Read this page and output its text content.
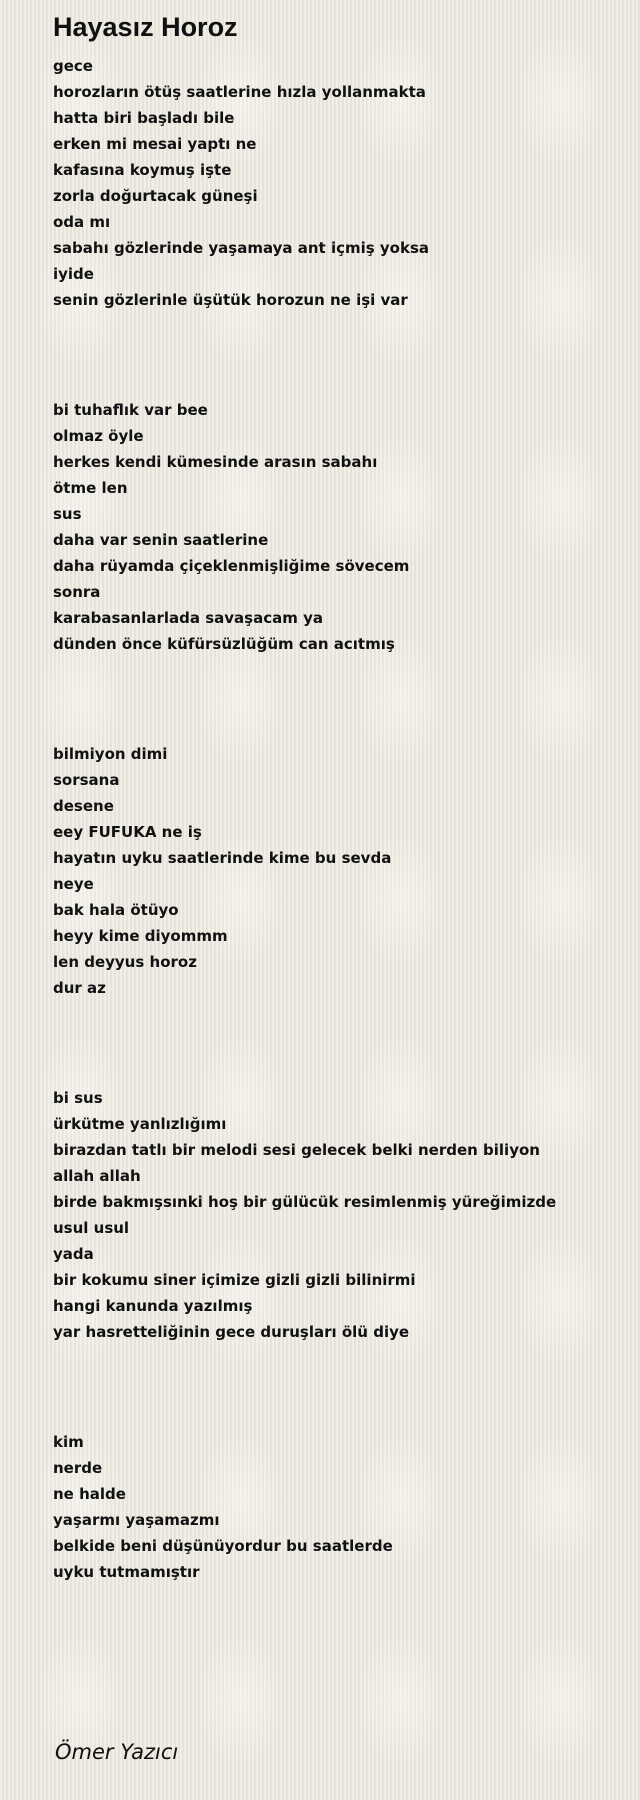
Hayasız Horoz
gece
horozların ötüş saatlerine hızla yollanmakta
hatta biri başladı bile
erken mi mesai yaptı ne
kafasına koymuş işte
zorla doğurtacak güneşi
oda mı
sabahı gözlerinde yaşamaya ant içmiş yoksa
iyide
senin gözlerinle üşütük horozun ne işi var
bi tuhaflık var bee
olmaz öyle
herkes kendi kümesinde arasın sabahı
ötme len
sus
daha var senin saatlerine
daha rüyamda çiçeklenmişliğime sövecem
sonra
karabasanlarlada savaşacam ya
dünden önce küfürsüzlüğüm can acıtmış
bilmiyon dimi
sorsana
desene
eey FUFUKA ne iş
hayatın uyku saatlerinde kime bu sevda
neye
bak hala ötüyo
heyy kime diyommm
len deyyus horoz
dur az
bi sus
ürkütme yanlızlığımı
birazdan tatlı bir melodi sesi gelecek belki nerden biliyon
allah allah
birde bakmışsınki hoş bir gülücük resimlenmiş yüreğimizde
usul usul
yada
bir kokumu siner içimize gizli gizli bilinirmi
hangi kanunda yazılmış
yar hasretteliğinin gece duruşları ölü diye
kim
nerde
ne halde
yaşarmı yaşamazmı
belkide beni düşünüyordur bu saatlerde
uyku tutmamıştır
Ömer Yazıcı
